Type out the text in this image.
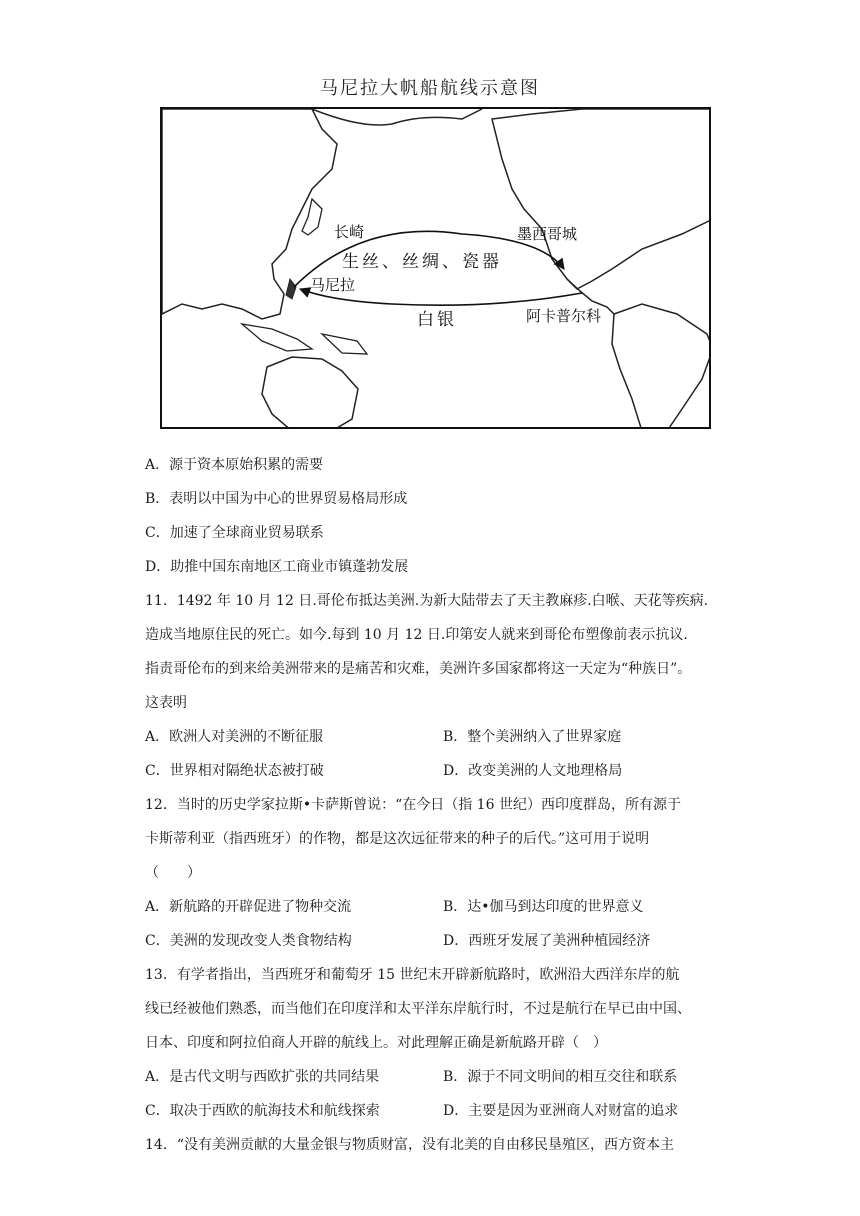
马尼拉大帆船航线示意图
长崎
马尼拉
墨西哥城
阿卡普尔科
生丝、丝绸、瓷器
白银
A．源于资本原始积累的需要
B．表明以中国为中心的世界贸易格局形成
C．加速了全球商业贸易联系
D．助推中国东南地区工商业市镇蓬勃发展
11．1492 年 10 月 12 日.哥伦布抵达美洲.为新大陆带去了天主教麻疹.白喉、天花等疾病.
造成当地原住民的死亡。如今.每到 10 月 12 日.印第安人就来到哥伦布塑像前表示抗议.
指责哥伦布的到来给美洲带来的是痛苦和灾难，美洲许多国家都将这一天定为“种族日”。
这表明
A．欧洲人对美洲的不断征服	B．整个美洲纳入了世界家庭
C．世界相对隔绝状态被打破	D．改变美洲的人文地理格局
12．当时的历史学家拉斯•卡萨斯曾说：“在今日（指 16 世纪）西印度群岛，所有源于
卡斯蒂利亚（指西班牙）的作物，都是这次远征带来的种子的后代。”这可用于说明
（　　）
A．新航路的开辟促进了物种交流	B．达•伽马到达印度的世界意义
C．美洲的发现改变人类食物结构	D．西班牙发展了美洲种植园经济
13．有学者指出，当西班牙和葡萄牙 15 世纪末开辟新航路时，欧洲沿大西洋东岸的航
线已经被他们熟悉，而当他们在印度洋和太平洋东岸航行时，不过是航行在早已由中国、
日本、印度和阿拉伯商人开辟的航线上。对此理解正确是新航路开辟（　）
A．是古代文明与西欧扩张的共同结果	B．源于不同文明间的相互交往和联系
C．取决于西欧的航海技术和航线探索	D．主要是因为亚洲商人对财富的追求
14．“没有美洲贡献的大量金银与物质财富，没有北美的自由移民垦殖区，西方资本主
